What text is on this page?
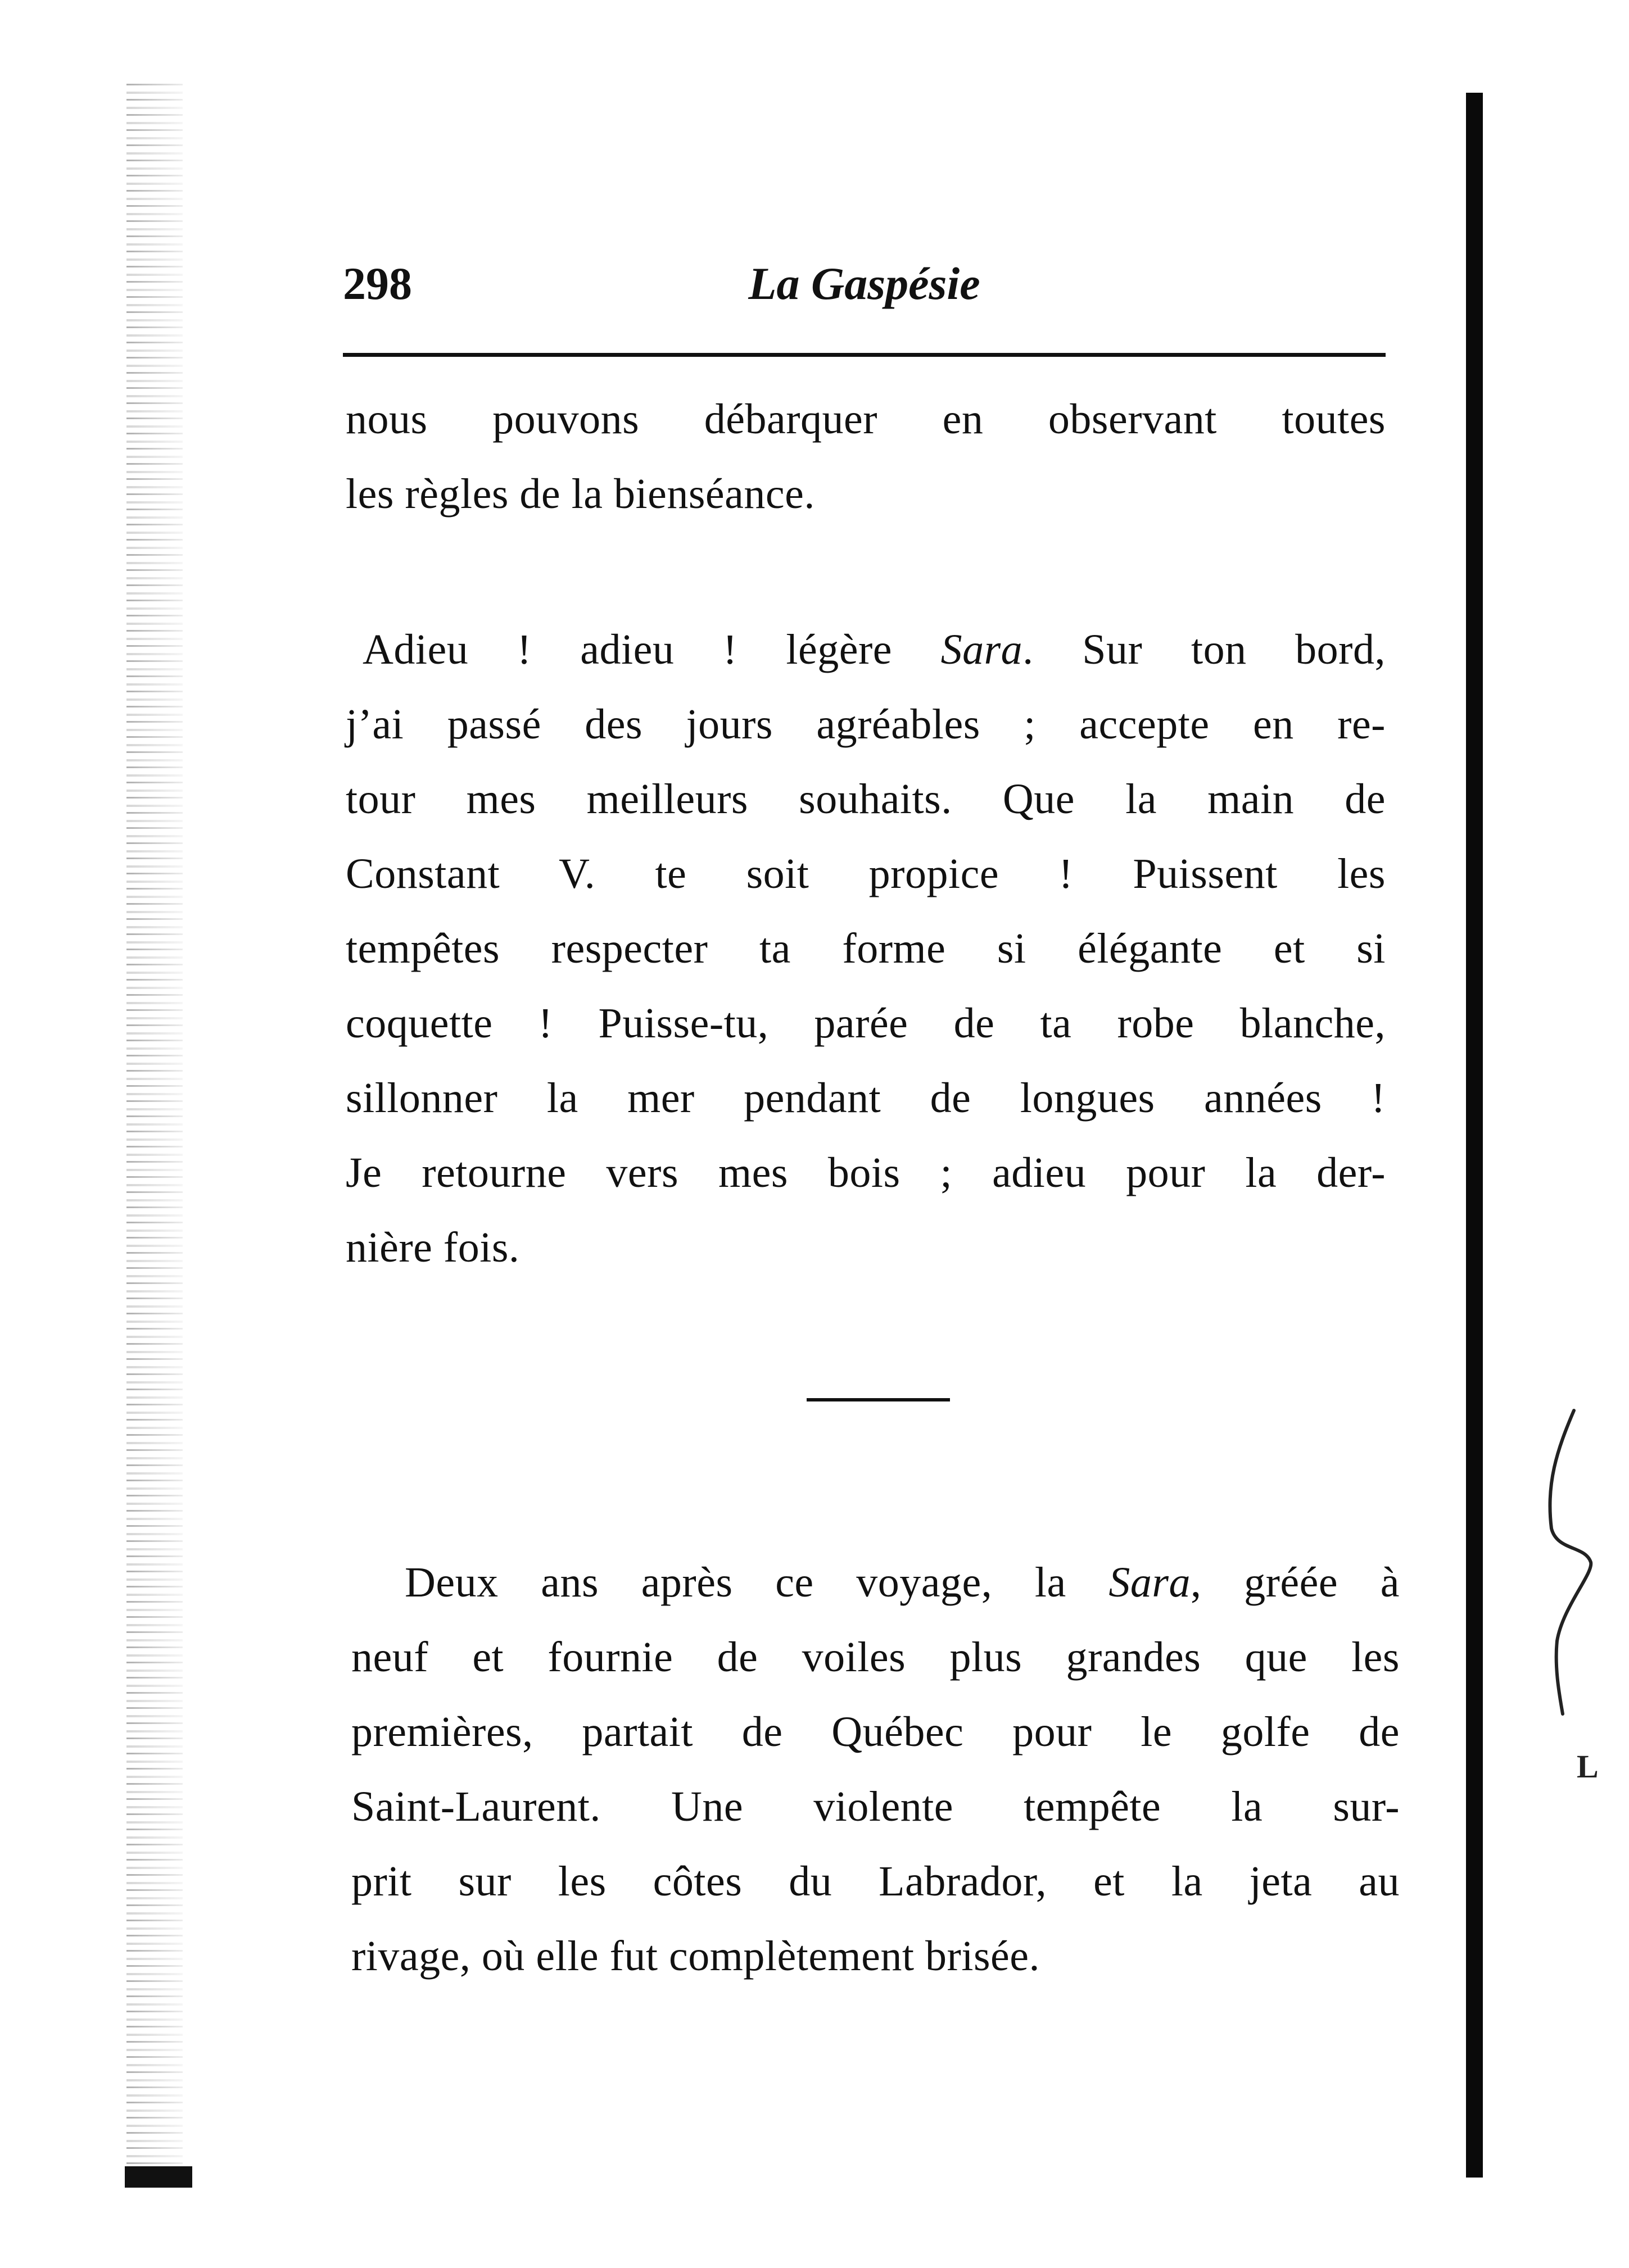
L
298	La Gaspésie
nous pouvons débarquer en observant toutes
les règles de la bienséance.
Adieu ! adieu ! légère Sara. Sur ton bord,
j’ai passé des jours agréables ; accepte en re-
tour mes meilleurs souhaits. Que la main de
Constant V. te soit propice ! Puissent les
tempêtes respecter ta forme si élégante et si
coquette ! Puisse-tu, parée de ta robe blanche,
sillonner la mer pendant de longues années !
Je retourne vers mes bois ; adieu pour la der-
nière fois.
Deux ans après ce voyage, la Sara, gréée à
neuf et fournie de voiles plus grandes que les
premières, partait de Québec pour le golfe de
Saint-Laurent. Une violente tempête la sur-
prit sur les côtes du Labrador, et la jeta au
rivage, où elle fut complètement brisée.
